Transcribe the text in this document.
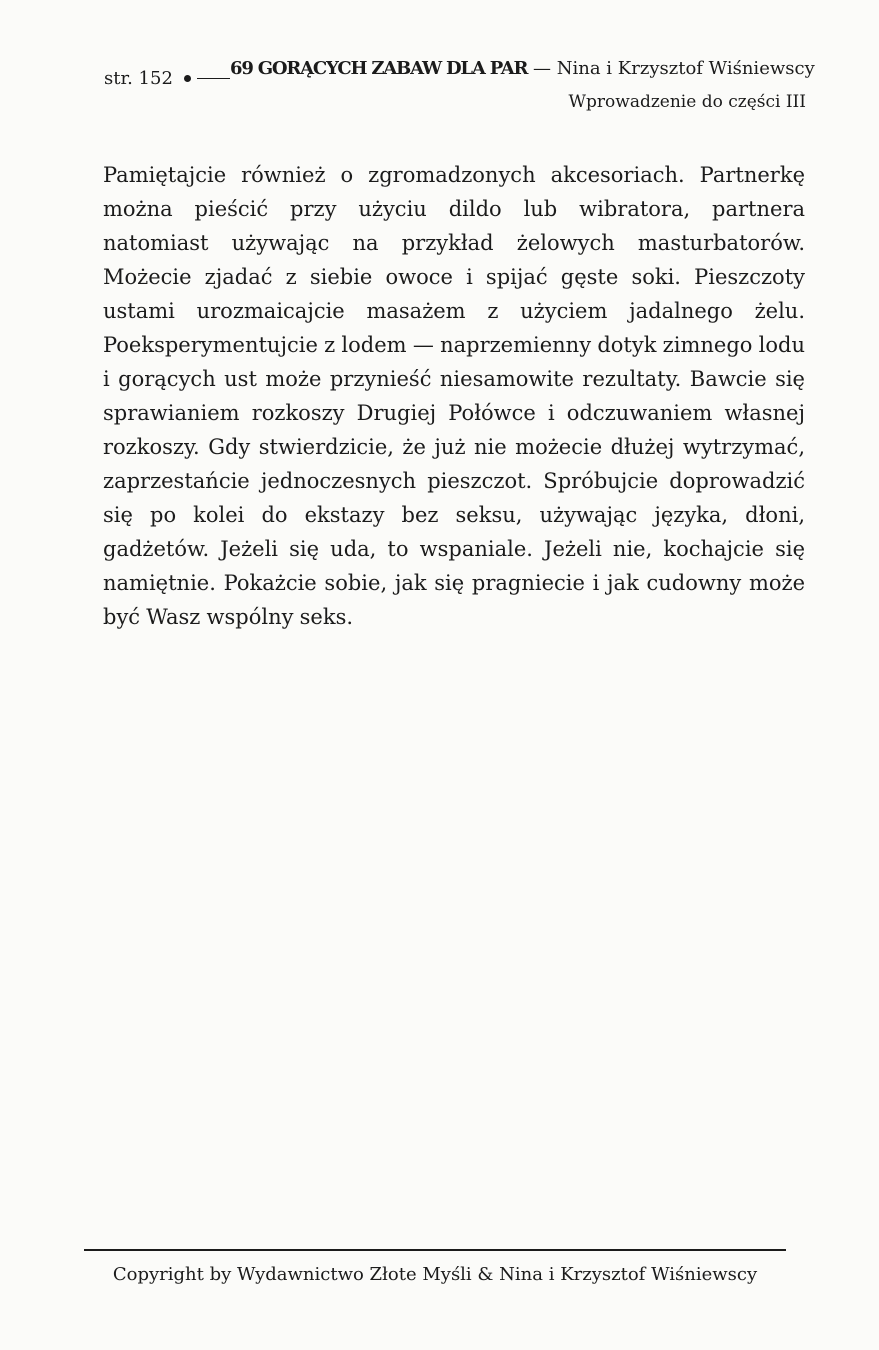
str. 152	69 GORĄCYCH ZABAW DLA PAR — Nina i Krzysztof Wiśniewscy
Wprowadzenie do części III

Pamiętajcie również o zgromadzonych akcesoriach. Partnerkę można pieścić przy użyciu dildo lub wibratora, partnera natomiast używając na przykład żelowych masturbatorów. Możecie zjadać z siebie owoce i spijać gęste soki. Pieszczoty ustami urozmaicajcie masażem z użyciem jadalnego żelu. Poeksperymentujcie z lodem — naprzemienny dotyk zimnego lodu i gorących ust może przynieść niesamowite rezultaty. Bawcie się sprawianiem rozkoszy Drugiej Połówce i odczuwaniem własnej rozkoszy. Gdy stwierdzicie, że już nie możecie dłużej wytrzymać, zaprzestańcie jednoczesnych pieszczot. Spróbujcie doprowadzić się po kolei do ekstazy bez seksu, używając języka, dłoni, gadżetów. Jeżeli się uda, to wspaniale. Jeżeli nie, kochajcie się namiętnie. Pokażcie sobie, jak się pragniecie i jak cudowny może być Wasz wspólny seks.

Copyright by Wydawnictwo Złote Myśli & Nina i Krzysztof Wiśniewscy
